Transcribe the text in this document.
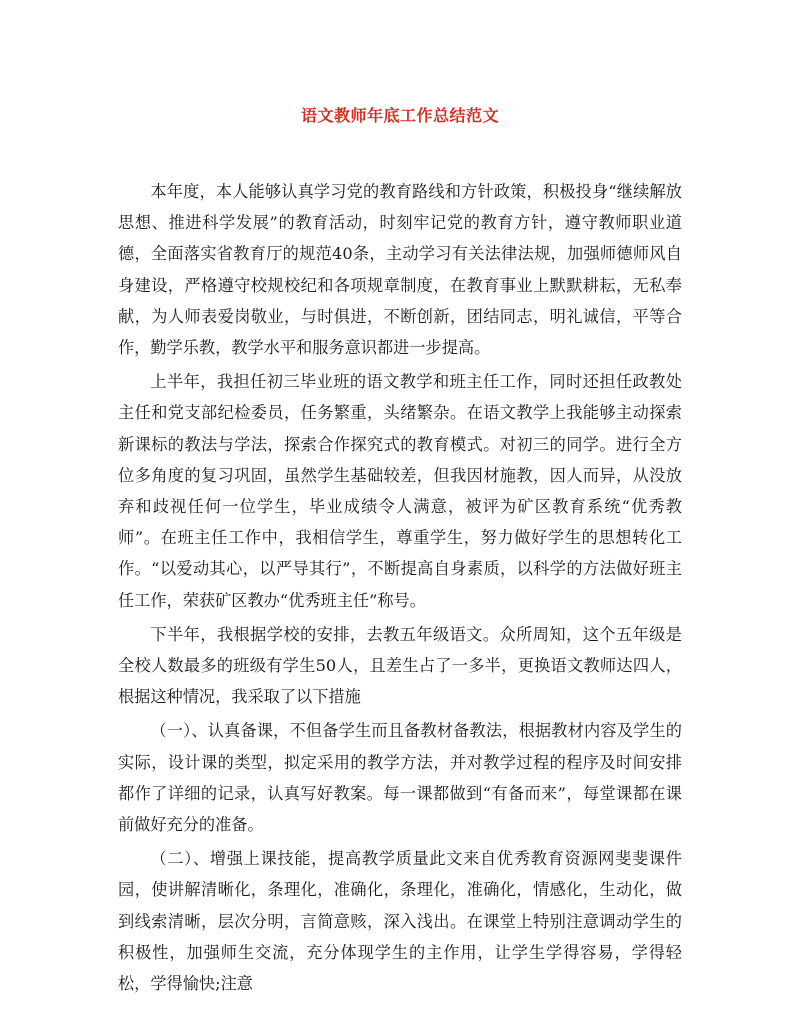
语文教师年底工作总结范文

本年度，本人能够认真学习党的教育路线和方针政策，积极投身“继续解放思想、推进科学发展”的教育活动，时刻牢记党的教育方针，遵守教师职业道德，全面落实省教育厅的规范40条，主动学习有关法律法规，加强师德师风自身建设，严格遵守校规校纪和各项规章制度，在教育事业上默默耕耘，无私奉献，为人师表爱岗敬业，与时俱进，不断创新，团结同志，明礼诚信，平等合作，勤学乐教，教学水平和服务意识都进一步提高。

上半年，我担任初三毕业班的语文教学和班主任工作，同时还担任政教处主任和党支部纪检委员，任务繁重，头绪繁杂。在语文教学上我能够主动探索新课标的教法与学法，探索合作探究式的教育模式。对初三的同学。进行全方位多角度的复习巩固，虽然学生基础较差，但我因材施教，因人而异，从没放弃和歧视任何一位学生，毕业成绩令人满意，被评为矿区教育系统“优秀教师”。在班主任工作中，我相信学生，尊重学生，努力做好学生的思想转化工作。“以爱动其心，以严导其行”，不断提高自身素质，以科学的方法做好班主任工作，荣获矿区教办“优秀班主任”称号。

下半年，我根据学校的安排，去教五年级语文。众所周知，这个五年级是全校人数最多的班级有学生50人，且差生占了一多半，更换语文教师达四人，根据这种情况，我采取了以下措施

（一）、认真备课，不但备学生而且备教材备教法，根据教材内容及学生的实际，设计课的类型，拟定采用的教学方法，并对教学过程的程序及时间安排都作了详细的记录，认真写好教案。每一课都做到“有备而来”，每堂课都在课前做好充分的准备。

（二）、增强上课技能，提高教学质量此文来自优秀教育资源网斐斐课件园，使讲解清晰化，条理化，准确化，条理化，准确化，情感化，生动化，做到线索清晰，层次分明，言简意赅，深入浅出。在课堂上特别注意调动学生的积极性，加强师生交流，充分体现学生的主作用，让学生学得容易，学得轻松，学得愉快;注意
